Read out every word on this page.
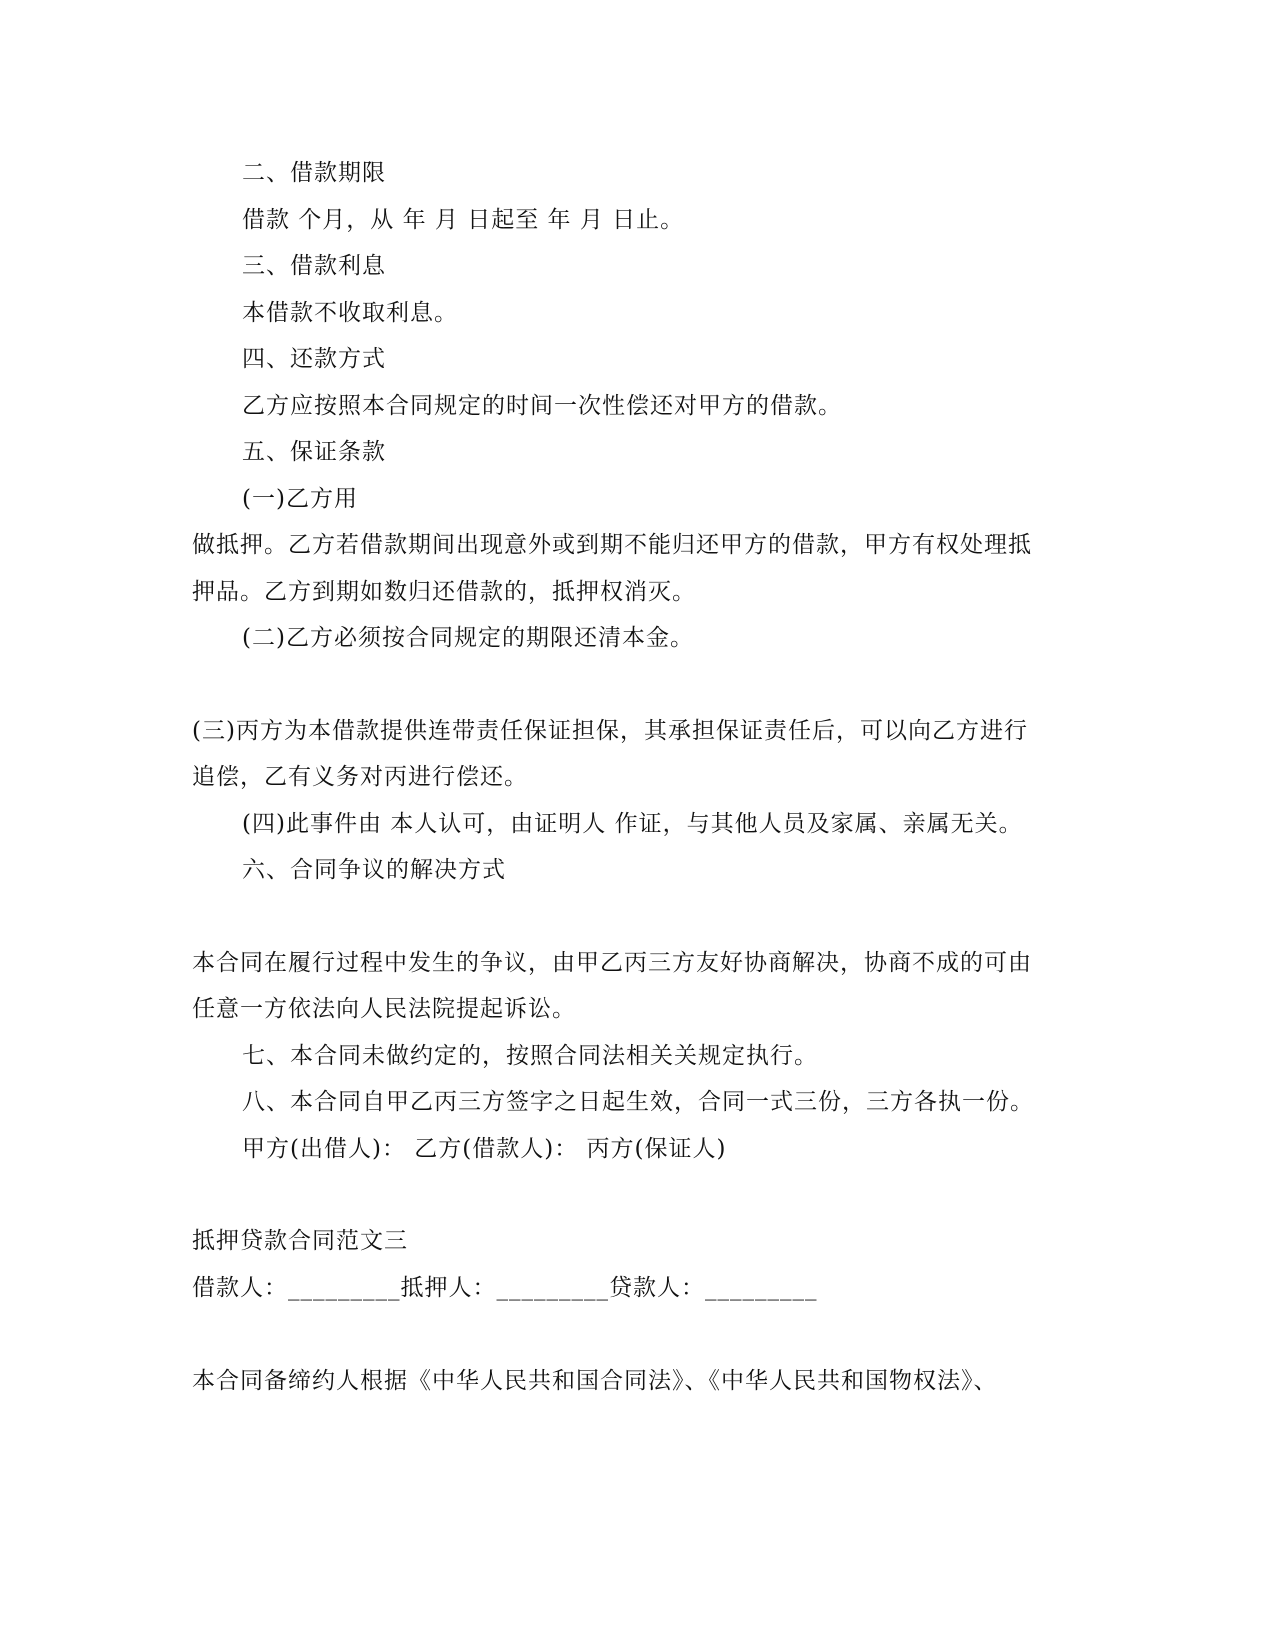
二、借款期限
借款 个月，从 年 月 日起至 年 月 日止。
三、借款利息
本借款不收取利息。
四、还款方式
乙方应按照本合同规定的时间一次性偿还对甲方的借款。
五、保证条款
(一)乙方用
做抵押。乙方若借款期间出现意外或到期不能归还甲方的借款，甲方有权处理抵
押品。乙方到期如数归还借款的，抵押权消灭。
(二)乙方必须按合同规定的期限还清本金。
(三)丙方为本借款提供连带责任保证担保，其承担保证责任后，可以向乙方进行
追偿，乙有义务对丙进行偿还。
(四)此事件由 本人认可，由证明人 作证，与其他人员及家属、亲属无关。
六、合同争议的解决方式
本合同在履行过程中发生的争议，由甲乙丙三方友好协商解决，协商不成的可由
任意一方依法向人民法院提起诉讼。
七、本合同未做约定的，按照合同法相关关规定执行。
八、本合同自甲乙丙三方签字之日起生效，合同一式三份，三方各执一份。
甲方(出借人)： 乙方(借款人)： 丙方(保证人)
抵押贷款合同范文三
借款人：_________抵押人：_________贷款人：_________
本合同备缔约人根据《中华人民共和国合同法》、《中华人民共和国物权法》、
